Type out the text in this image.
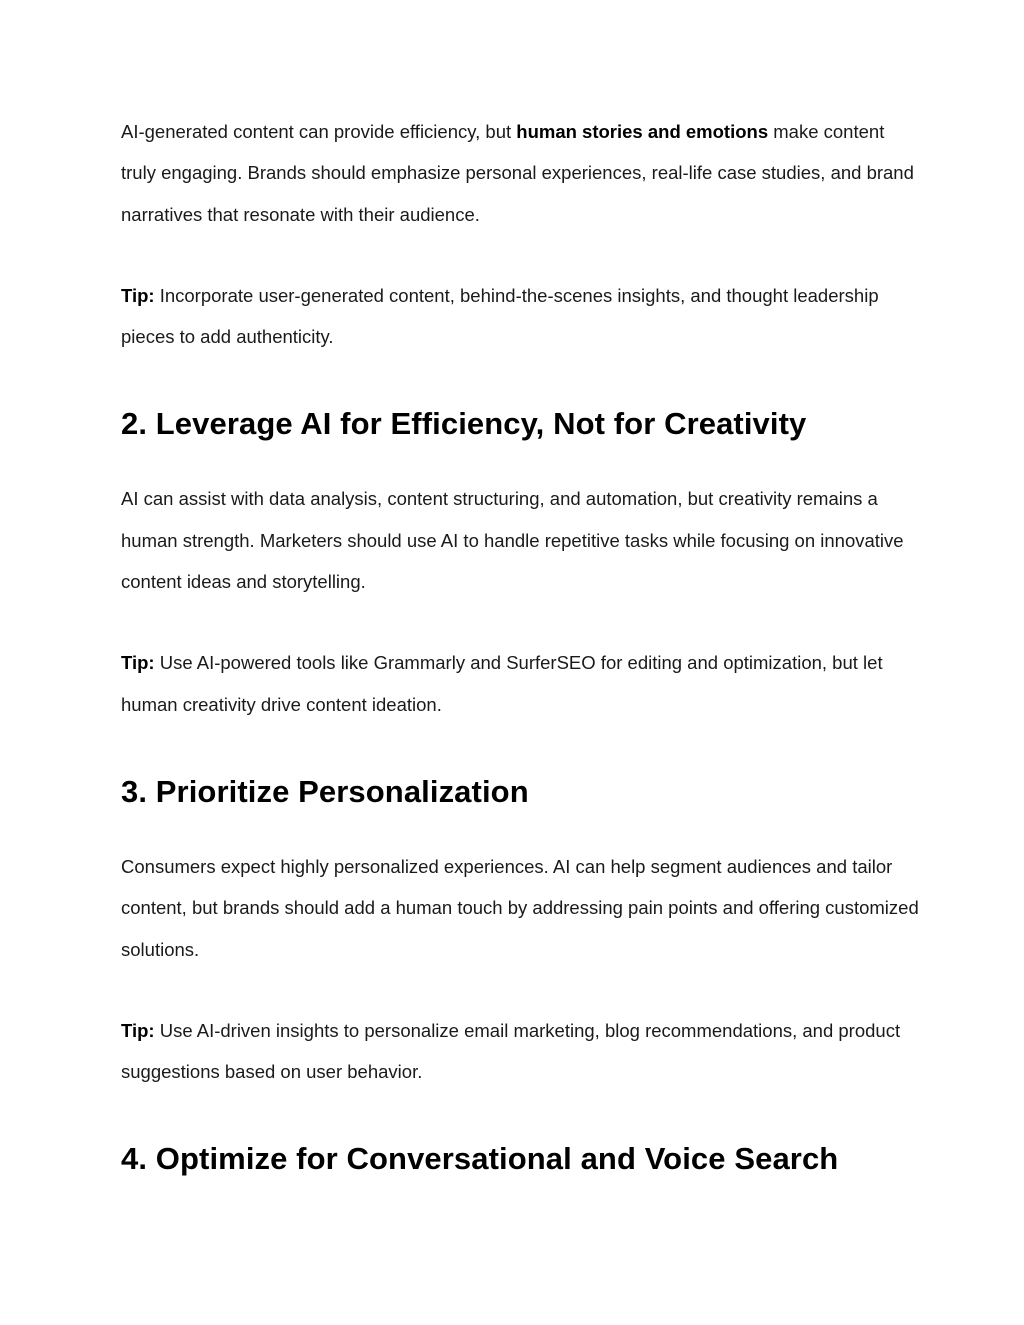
AI-generated content can provide efficiency, but human stories and emotions make content truly engaging. Brands should emphasize personal experiences, real-life case studies, and brand narratives that resonate with their audience.

Tip: Incorporate user-generated content, behind-the-scenes insights, and thought leadership pieces to add authenticity.

2. Leverage AI for Efficiency, Not for Creativity

AI can assist with data analysis, content structuring, and automation, but creativity remains a human strength. Marketers should use AI to handle repetitive tasks while focusing on innovative content ideas and storytelling.

Tip: Use AI-powered tools like Grammarly and SurferSEO for editing and optimization, but let human creativity drive content ideation.

3. Prioritize Personalization

Consumers expect highly personalized experiences. AI can help segment audiences and tailor content, but brands should add a human touch by addressing pain points and offering customized solutions.

Tip: Use AI-driven insights to personalize email marketing, blog recommendations, and product suggestions based on user behavior.

4. Optimize for Conversational and Voice Search
